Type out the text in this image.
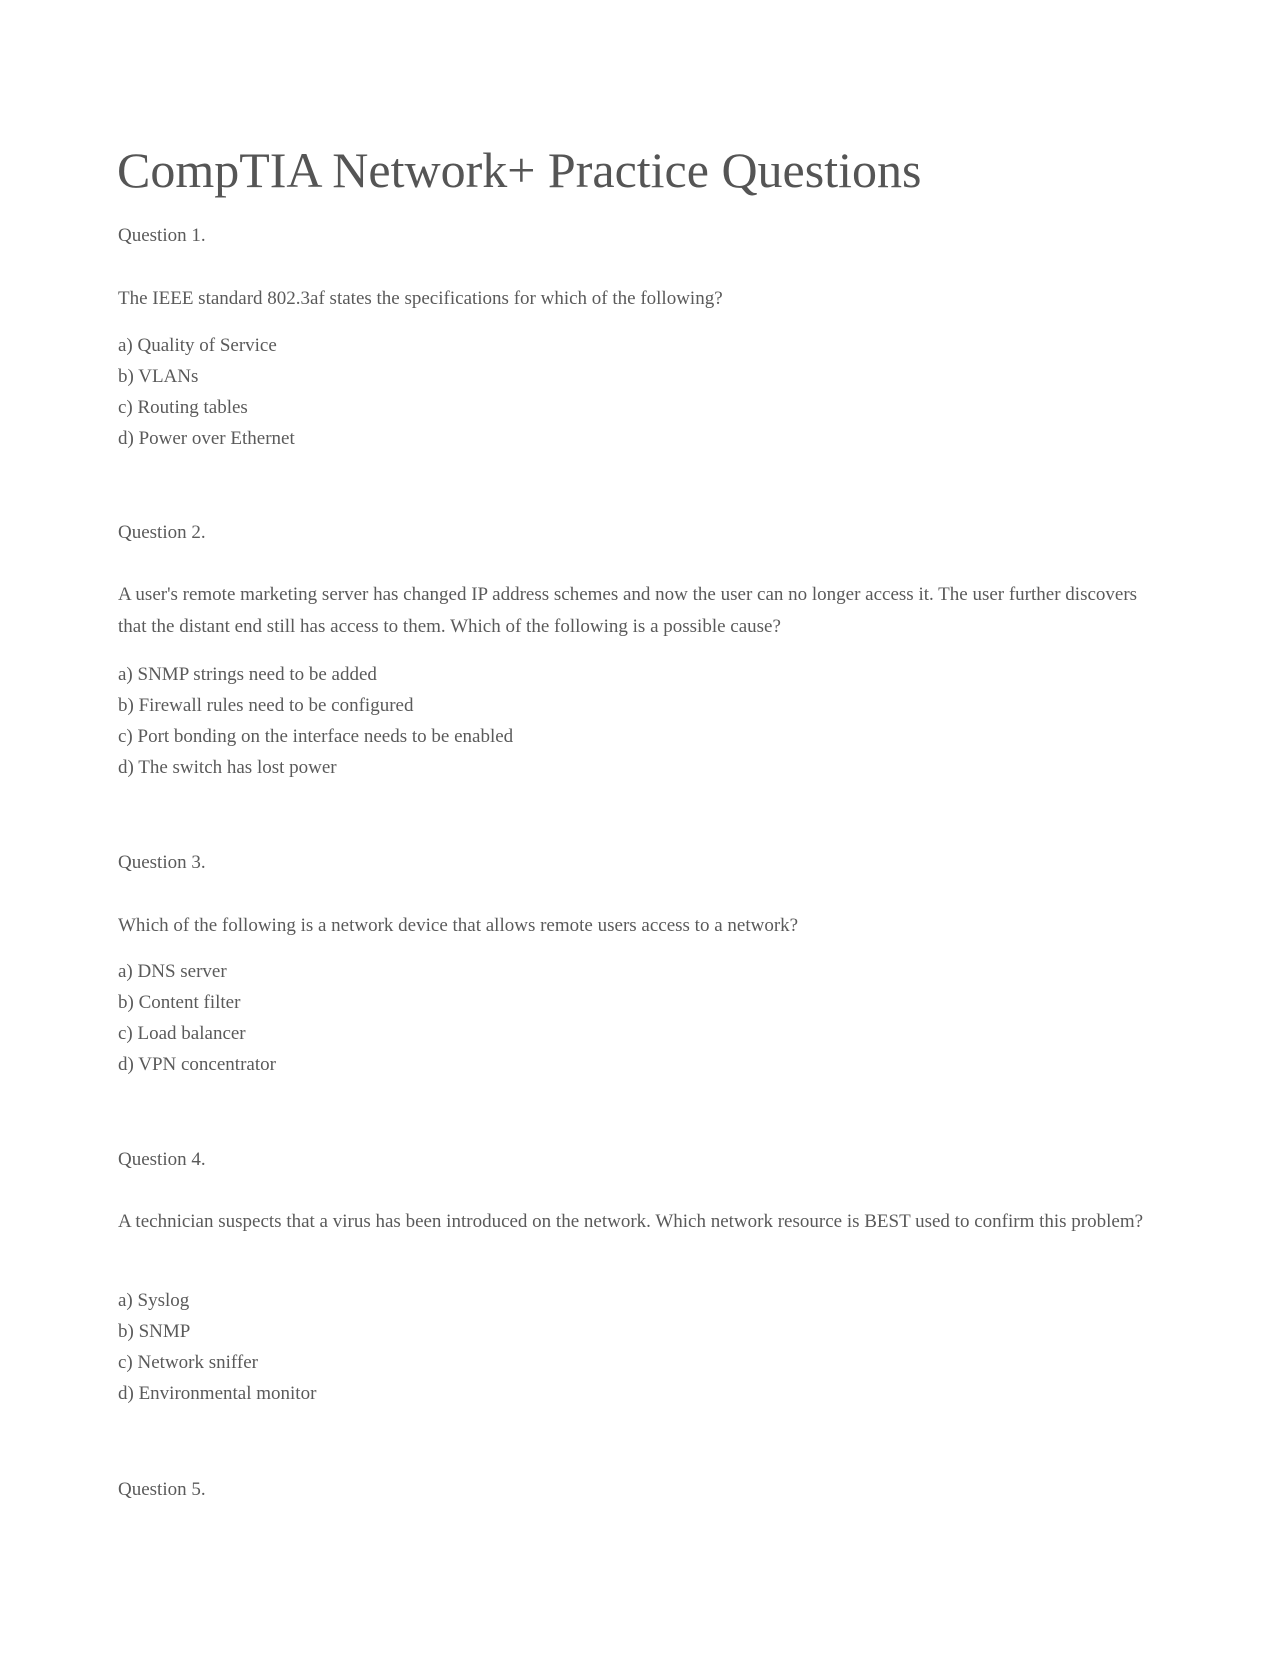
CompTIA Network+ Practice Questions
Question 1.

The IEEE standard 802.3af states the specifications for which of the following?

a) Quality of Service
b) VLANs
c) Routing tables
d) Power over Ethernet
Question 2.

A user's remote marketing server has changed IP address schemes and now the user can no longer access it. The user further discovers that the distant end still has access to them. Which of the following is a possible cause?

a) SNMP strings need to be added
b) Firewall rules need to be configured
c) Port bonding on the interface needs to be enabled
d) The switch has lost power
Question 3.

Which of the following is a network device that allows remote users access to a network?

a) DNS server
b) Content filter
c) Load balancer
d) VPN concentrator
Question 4.

A technician suspects that a virus has been introduced on the network. Which network resource is BEST used to confirm this problem?

a) Syslog
b) SNMP
c) Network sniffer
d) Environmental monitor
Question 5.
